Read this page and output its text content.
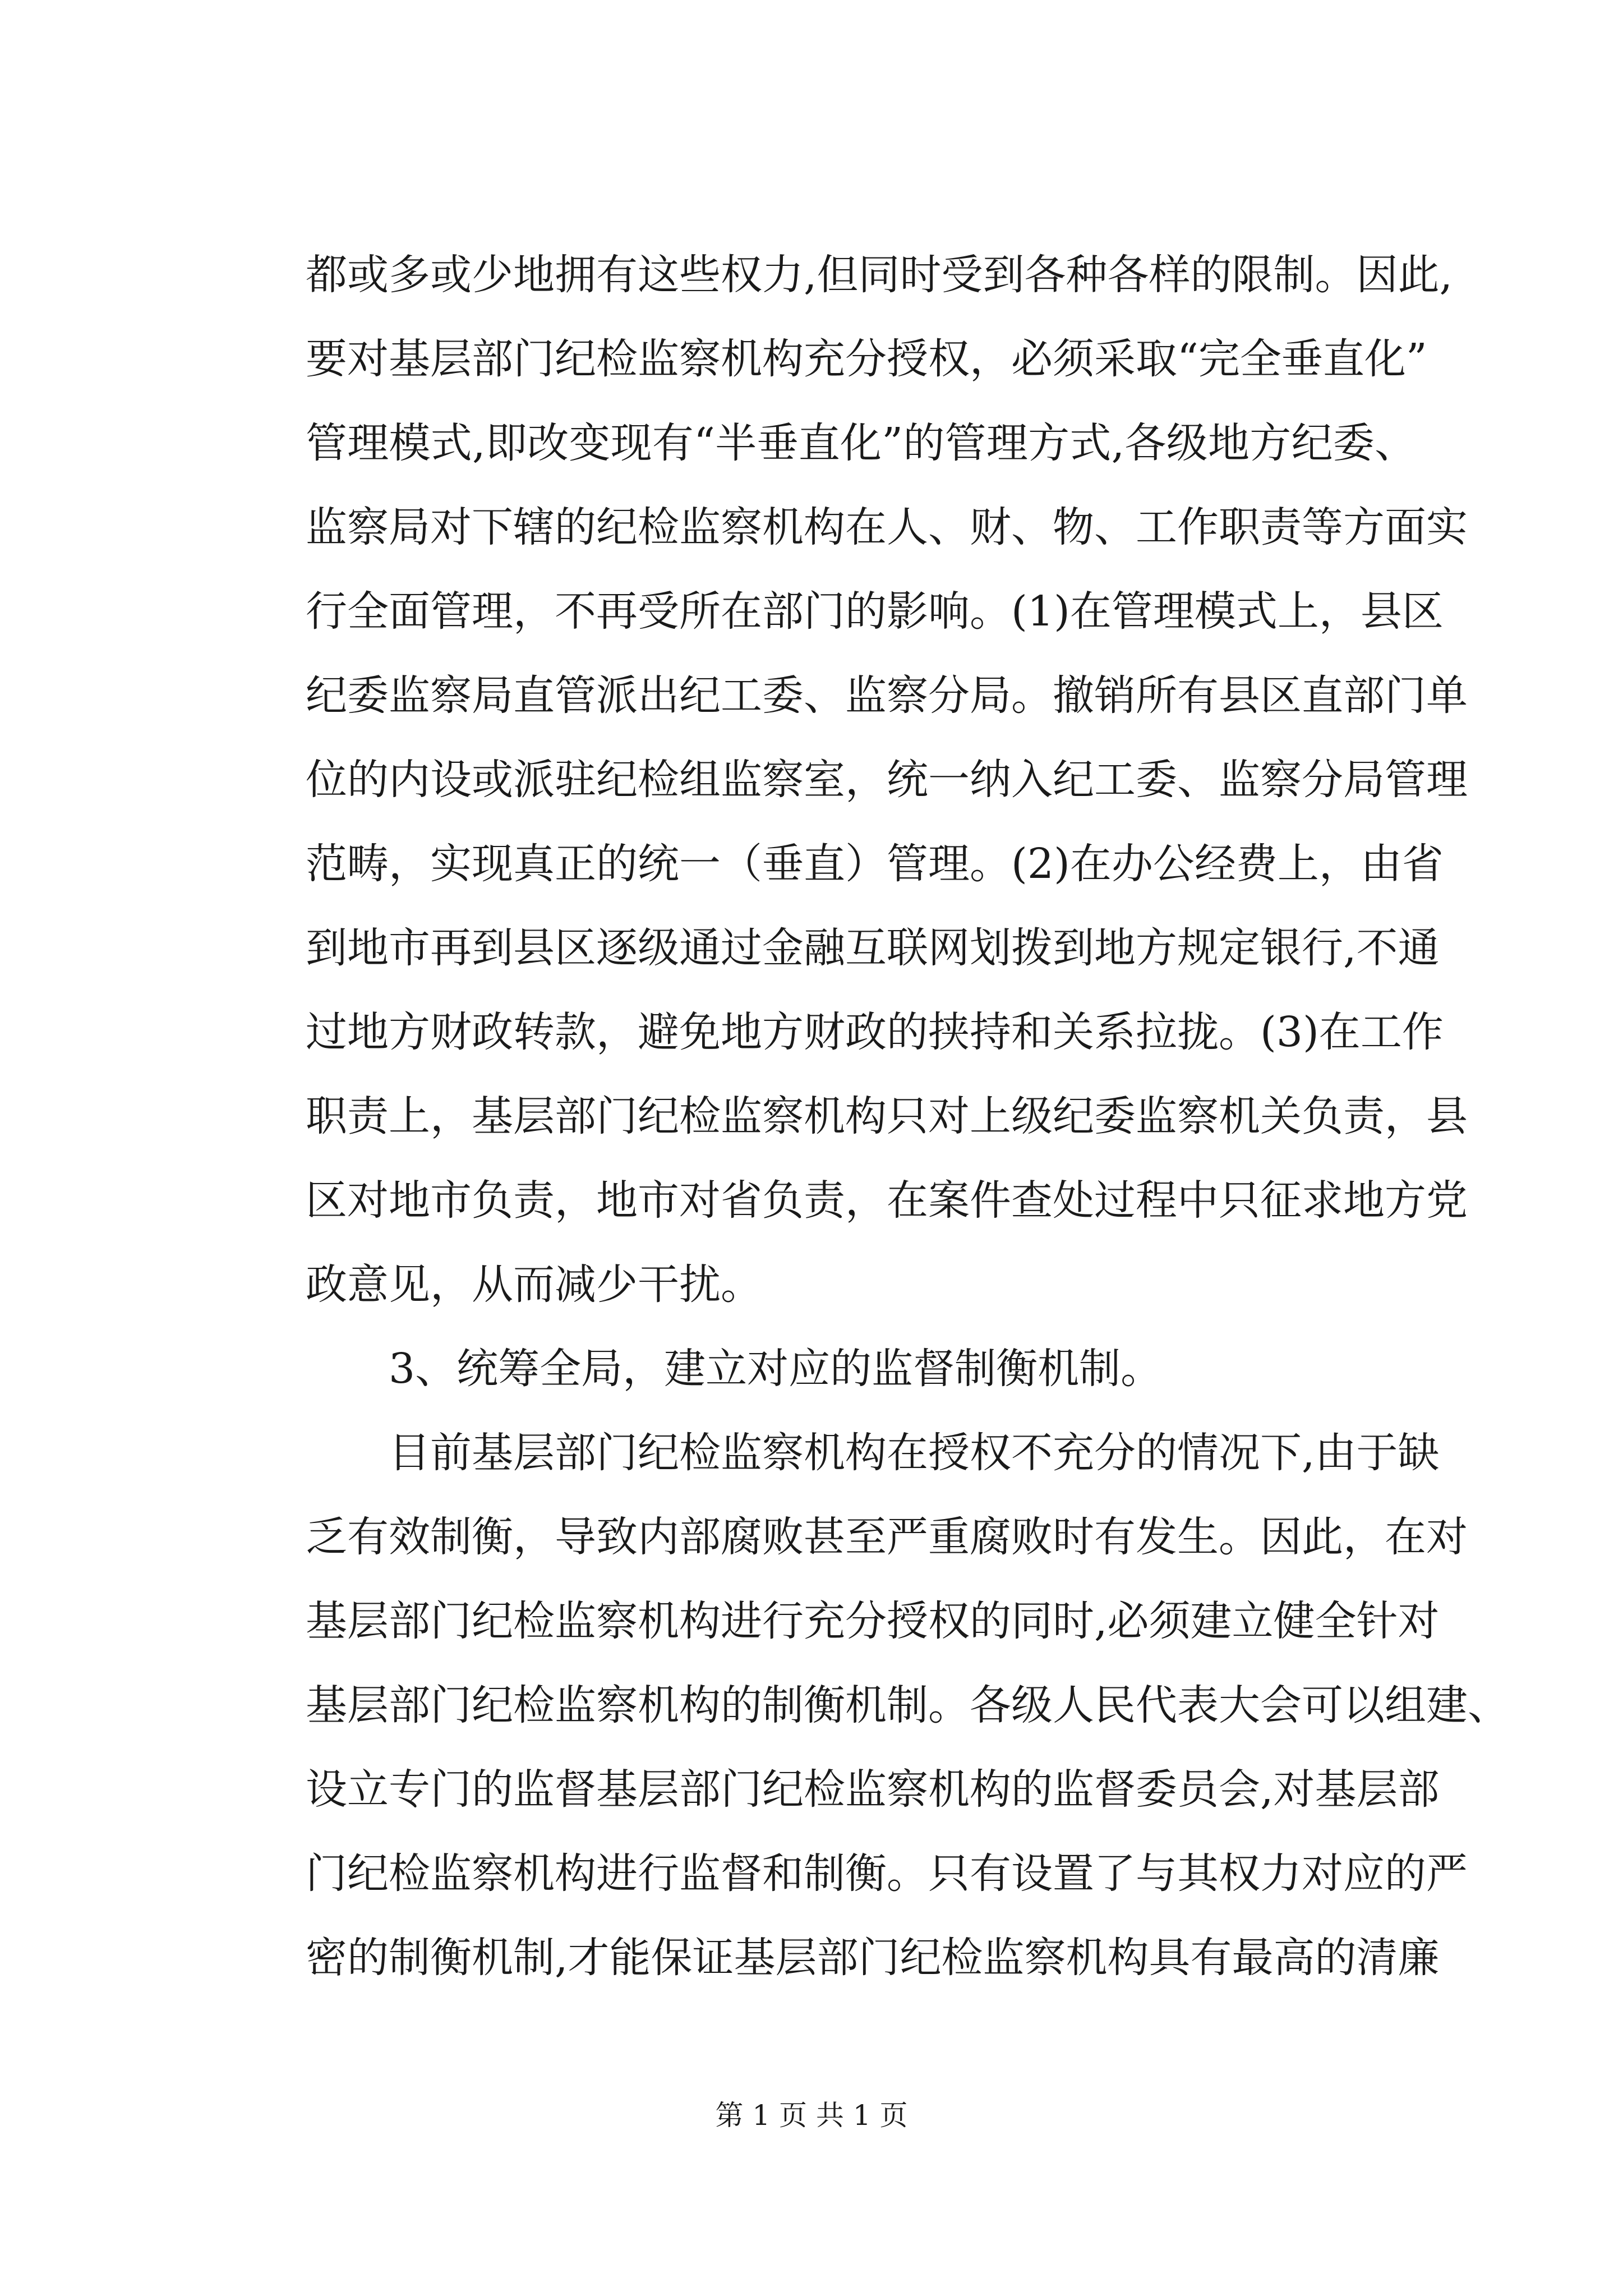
都或多或少地拥有这些权力,但同时受到各种各样的限制。因此,
要对基层部门纪检监察机构充分授权，必须采取“完全垂直化”
管理模式,即改变现有“半垂直化”的管理方式,各级地方纪委、
监察局对下辖的纪检监察机构在人、财、物、工作职责等方面实
行全面管理，不再受所在部门的影响。(1)在管理模式上，县区
纪委监察局直管派出纪工委、监察分局。撤销所有县区直部门单
位的内设或派驻纪检组监察室，统一纳入纪工委、监察分局管理
范畴，实现真正的统一（垂直）管理。(2)在办公经费上，由省
到地市再到县区逐级通过金融互联网划拨到地方规定银行,不通
过地方财政转款，避免地方财政的挟持和关系拉拢。(3)在工作
职责上，基层部门纪检监察机构只对上级纪委监察机关负责，县
区对地市负责，地市对省负责，在案件查处过程中只征求地方党
政意见，从而减少干扰。
3、统筹全局，建立对应的监督制衡机制。
目前基层部门纪检监察机构在授权不充分的情况下,由于缺
乏有效制衡，导致内部腐败甚至严重腐败时有发生。因此，在对
基层部门纪检监察机构进行充分授权的同时,必须建立健全针对
基层部门纪检监察机构的制衡机制。各级人民代表大会可以组建、
设立专门的监督基层部门纪检监察机构的监督委员会,对基层部
门纪检监察机构进行监督和制衡。只有设置了与其权力对应的严
密的制衡机制,才能保证基层部门纪检监察机构具有最高的清廉
第 1 页 共 1 页
